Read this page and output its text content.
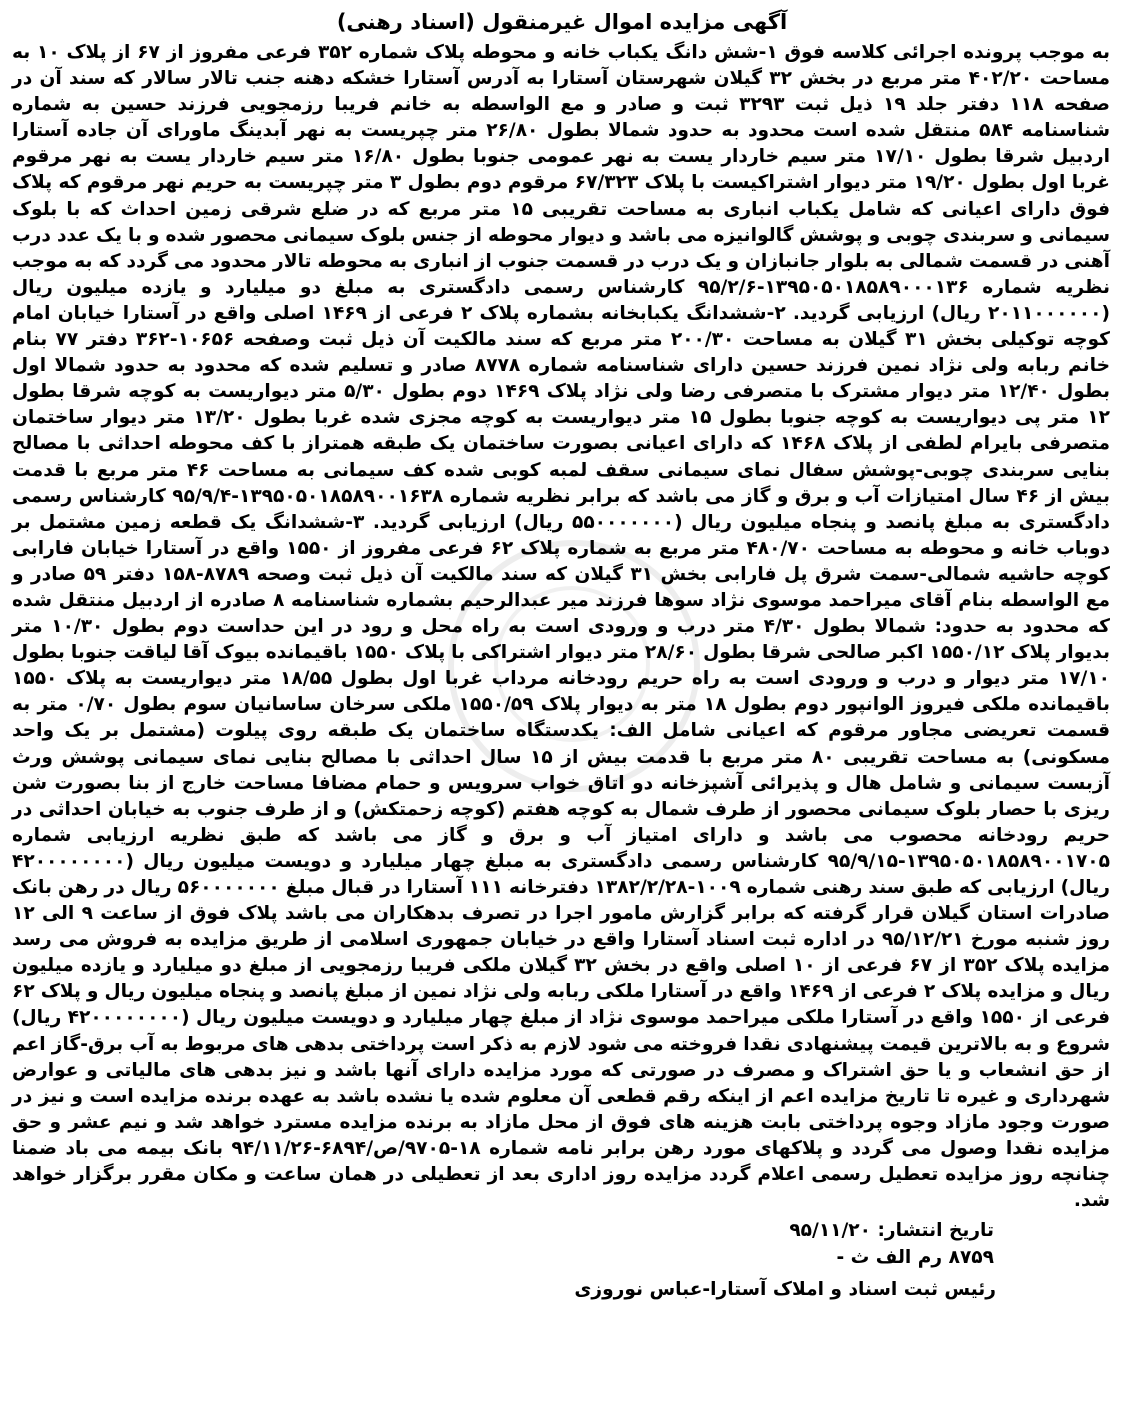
آگهی مزایده اموال غیرمنقول (اسناد رهنی)

به موجب پرونده اجرائی کلاسه فوق ۱-شش دانگ یکباب خانه و محوطه پلاک شماره ۳۵۲ فرعی مفروز از ۶۷ از پلاک ۱۰ به مساحت ۴۰۲/۲۰ متر مربع در بخش ۳۲ گیلان شهرستان آستارا به آدرس آستارا خشکه دهنه جنب تالار سالار که سند آن در صفحه ۱۱۸ دفتر جلد ۱۹ ذیل ثبت ۳۲۹۳ ثبت و صادر و مع الواسطه به خانم فریبا رزمجویی فرزند حسین به شماره شناسنامه ۵۸۴ منتقل شده است محدود به حدود شمالا بطول ۲۶/۸۰ متر چپریست به نهر آبدینگ ماورای آن جاده آستارا اردبیل شرقا بطول ۱۷/۱۰ متر سیم خاردار یست به نهر عمومی جنوبا بطول ۱۶/۸۰ متر سیم خاردار یست به نهر مرقوم غربا اول بطول ۱۹/۲۰ متر دیوار اشتراکیست با پلاک ۶۷/۳۲۳ مرقوم دوم بطول ۳ متر چپریست به حریم نهر مرقوم که پلاک فوق دارای اعیانی که شامل یکباب انباری به مساحت تقریبی ۱۵ متر مربع که در ضلع شرقی زمین احداث که با بلوک سیمانی و سربندی چوبی و پوشش گالوانیزه می باشد و دیوار محوطه از جنس بلوک سیمانی محصور شده و با یک عدد درب آهنی در قسمت شمالی به بلوار جانبازان و یک درب در قسمت جنوب از انباری به محوطه تالار محدود می گردد که به موجب نظریه شماره ۱۳۹۵۰۵۰۱۸۵۸۹۰۰۰۱۳۶-۹۵/۲/۶ کارشناس رسمی دادگستری به مبلغ دو میلیارد و یازده میلیون ریال (۲۰۱۱۰۰۰۰۰۰ ریال) ارزیابی گردید. ۲-ششدانگ یکبابخانه بشماره پلاک ۲ فرعی از ۱۴۶۹ اصلی واقع در آستارا خیابان امام کوچه توکیلی بخش ۳۱ گیلان به مساحت ۲۰۰/۳۰ متر مربع که سند مالکیت آن ذیل ثبت وصفحه ۱۰۶۵۶-۳۶۲ دفتر ۷۷ بنام خانم ربابه ولی نژاد نمین فرزند حسین دارای شناسنامه شماره ۸۷۷۸ صادر و تسلیم شده که محدود به حدود شمالا اول بطول ۱۲/۴۰ متر دیوار مشترک با متصرفی رضا ولی نژاد پلاک ۱۴۶۹ دوم بطول ۵/۳۰ متر دیواریست به کوچه شرقا بطول ۱۲ متر پی دیواریست به کوچه جنوبا بطول ۱۵ متر دیواریست به کوچه مجزی شده غربا بطول ۱۳/۲۰ متر دیوار ساختمان متصرفی بایرام لطفی از پلاک ۱۴۶۸ که دارای اعیانی بصورت ساختمان یک طبقه همتراز با کف محوطه احداثی با مصالح بنایی سربندی چوبی-پوشش سفال نمای سیمانی سقف لمبه کوبی شده کف سیمانی به مساحت ۴۶ متر مربع با قدمت بیش از ۴۶ سال امتیازات آب و برق و گاز می باشد که برابر نظریه شماره ۱۳۹۵۰۵۰۱۸۵۸۹۰۰۱۶۳۸-۹۵/۹/۴ کارشناس رسمی دادگستری به مبلغ پانصد و پنجاه میلیون ریال (۵۵۰۰۰۰۰۰۰ ریال) ارزیابی گردید. ۳-ششدانگ یک قطعه زمین مشتمل بر دوباب خانه و محوطه به مساحت ۴۸۰/۷۰ متر مربع به شماره پلاک ۶۲ فرعی مفروز از ۱۵۵۰ واقع در آستارا خیابان فارابی کوچه حاشیه شمالی-سمت شرق پل فارابی بخش ۳۱ گیلان که سند مالکیت آن ذیل ثبت وصحه ۸۷۸۹-۱۵۸ دفتر ۵۹ صادر و مع الواسطه بنام آقای میراحمد موسوی نژاد سوها فرزند میر عبدالرحیم بشماره شناسنامه ۸ صادره از اردبیل منتقل شده که محدود به حدود: شمالا بطول ۴/۳۰ متر درب و ورودی است به راه محل و رود در این حداست دوم بطول ۱۰/۳۰ متر بدیوار پلاک ۱۵۵۰/۱۲ اکبر صالحی شرقا بطول ۲۸/۶۰ متر دیوار اشتراکی با پلاک ۱۵۵۰ باقیمانده بیوک آقا لیاقت جنوبا بطول ۱۷/۱۰ متر دیوار و درب و ورودی است به راه حریم رودخانه مرداب غربا اول بطول ۱۸/۵۵ متر دیواریست به پلاک ۱۵۵۰ باقیمانده ملکی فیروز الوانپور دوم بطول ۱۸ متر به دیوار پلاک ۱۵۵۰/۵۹ ملکی سرخان ساسانیان سوم بطول ۰/۷۰ متر به قسمت تعریضی مجاور مرقوم که اعیانی شامل الف: یکدستگاه ساختمان یک طبقه روی پیلوت (مشتمل بر یک واحد مسکونی) به مساحت تقریبی ۸۰ متر مربع با قدمت بیش از ۱۵ سال احداثی با مصالح بنایی نمای سیمانی پوشش ورث آزبست سیمانی و شامل هال و پذیرائی آشپزخانه دو اتاق خواب سرویس و حمام مضافا مساحت خارج از بنا بصورت شن ریزی با حصار بلوک سیمانی محصور از طرف شمال به کوچه هفتم (کوچه زحمتکش) و از طرف جنوب به خیابان احداثی در حریم رودخانه محصوب می باشد و دارای امتیاز آب و برق و گاز می باشد که طبق نظریه ارزیابی شماره ۱۳۹۵۰۵۰۱۸۵۸۹۰۰۱۷۰۵-۹۵/۹/۱۵ کارشناس رسمی دادگستری به مبلغ چهار میلیارد و دویست میلیون ریال (۴۲۰۰۰۰۰۰۰۰ ریال) ارزیابی که طبق سند رهنی شماره ۱۰۰۹-۱۳۸۲/۲/۲۸ دفترخانه ۱۱۱ آستارا در قبال مبلغ ۵۶۰۰۰۰۰۰۰ ریال در رهن بانک صادرات استان گیلان قرار گرفته که برابر گزارش مامور اجرا در تصرف بدهکاران می باشد پلاک فوق از ساعت ۹ الی ۱۲ روز شنبه مورخ ۹۵/۱۲/۲۱ در اداره ثبت اسناد آستارا واقع در خیابان جمهوری اسلامی از طریق مزایده به فروش می رسد مزایده پلاک ۳۵۲ از ۶۷ فرعی از ۱۰ اصلی واقع در بخش ۳۲ گیلان ملکی فریبا رزمجویی از مبلغ دو میلیارد و یازده میلیون ریال و مزایده پلاک ۲ فرعی از ۱۴۶۹ واقع در آستارا ملکی ربابه ولی نژاد نمین از مبلغ پانصد و پنجاه میلیون ریال و پلاک ۶۲ فرعی از ۱۵۵۰ واقع در آستارا ملکی میراحمد موسوی نژاد از مبلغ چهار میلیارد و دویست میلیون ریال (۴۲۰۰۰۰۰۰۰۰ ریال) شروع و به بالاترین قیمت پیشنهادی نقدا فروخته می شود لازم به ذکر است پرداختی بدهی های مربوط به آب برق-گاز اعم از حق انشعاب و یا حق اشتراک و مصرف در صورتی که مورد مزایده دارای آنها باشد و نیز بدهی های مالیاتی و عوارض شهرداری و غیره تا تاریخ مزایده اعم از اینکه رقم قطعی آن معلوم شده یا نشده باشد به عهده برنده مزایده است و نیز در صورت وجود مازاد وجوه پرداختی بابت هزینه های فوق از محل مازاد به برنده مزایده مسترد خواهد شد و نیم عشر و حق مزایده نقدا وصول می گردد و پلاکهای مورد رهن برابر نامه شماره ۱۸-۹۷۰۵/ص/۶۸۹۴-۹۴/۱۱/۲۶ بانک بیمه می باد ضمنا چنانچه روز مزایده تعطیل رسمی اعلام گردد مزایده روز اداری بعد از تعطیلی در همان ساعت و مکان مقرر برگزار خواهد شد.

تاریخ انتشار: ۹۵/۱۱/۲۰
۸۷۵۹ رم الف ث -
رئیس ثبت اسناد و املاک آستارا-عباس نوروزی
